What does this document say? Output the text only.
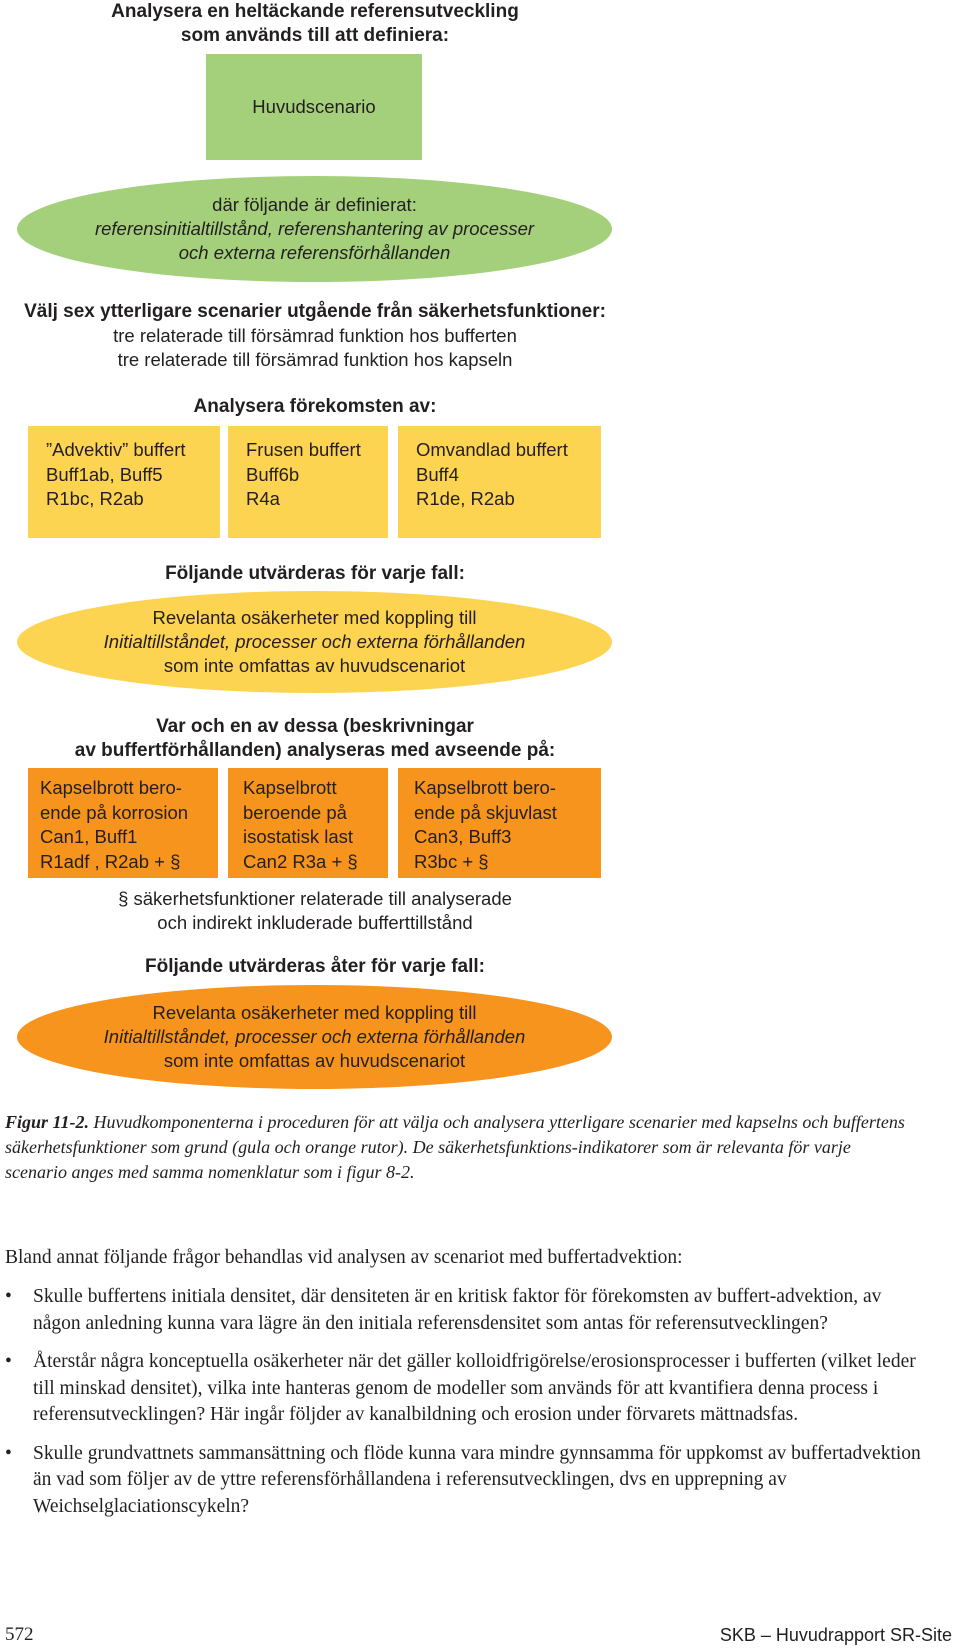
Analysera en heltäckande referensutveckling
som används till att definiera:
Huvudscenario
där följande är definierat:
referensinitialtillstånd, referenshantering av processer
och externa referensförhållanden
Välj sex ytterligare scenarier utgående från säkerhetsfunktioner:
tre relaterade till försämrad funktion hos bufferten
tre relaterade till försämrad funktion hos kapseln
Analysera förekomsten av:
”Advektiv” buffert
Buff1ab, Buff5
R1bc, R2ab
Frusen buffert
Buff6b
R4a
Omvandlad buffert
Buff4
R1de, R2ab
Följande utvärderas för varje fall:
Revelanta osäkerheter med koppling till
Initialtillståndet, processer och externa förhållanden
som inte omfattas av huvudscenariot
Var och en av dessa (beskrivningar
av buffertförhållanden) analyseras med avseende på:
Kapselbrott bero-
ende på korrosion
Can1, Buff1
R1adf , R2ab + §
Kapselbrott
beroende på
isostatisk last
Can2 R3a + §
Kapselbrott bero-
ende på skjuvlast
Can3, Buff3
R3bc + §
§ säkerhetsfunktioner relaterade till analyserade
och indirekt inkluderade bufferttillstånd
Följande utvärderas åter för varje fall:
Revelanta osäkerheter med koppling till
Initialtillståndet, processer och externa förhållanden
som inte omfattas av huvudscenariot
Figur 11-2. Huvudkomponenterna i proceduren för att välja och analysera ytterligare scenarier med kapselns och buffertens säkerhetsfunktioner som grund (gula och orange rutor). De säkerhetsfunktions-indikatorer som är relevanta för varje scenario anges med samma nomenklatur som i figur 8-2.
Bland annat följande frågor behandlas vid analysen av scenariot med buffertadvektion:
• Skulle buffertens initiala densitet, där densiteten är en kritisk faktor för förekomsten av buffert-advektion, av någon anledning kunna vara lägre än den initiala referensdensitet som antas för referensutvecklingen?
• Återstår några konceptuella osäkerheter när det gäller kolloidfrigörelse/erosionsprocesser i bufferten (vilket leder till minskad densitet), vilka inte hanteras genom de modeller som används för att kvantifiera denna process i referensutvecklingen? Här ingår följder av kanalbildning och erosion under förvarets mättnadsfas.
• Skulle grundvattnets sammansättning och flöde kunna vara mindre gynnsamma för uppkomst av buffertadvektion än vad som följer av de yttre referensförhållandena i referensutvecklingen, dvs en upprepning av Weichselglaciationscykeln?
572	SKB – Huvudrapport SR-Site
